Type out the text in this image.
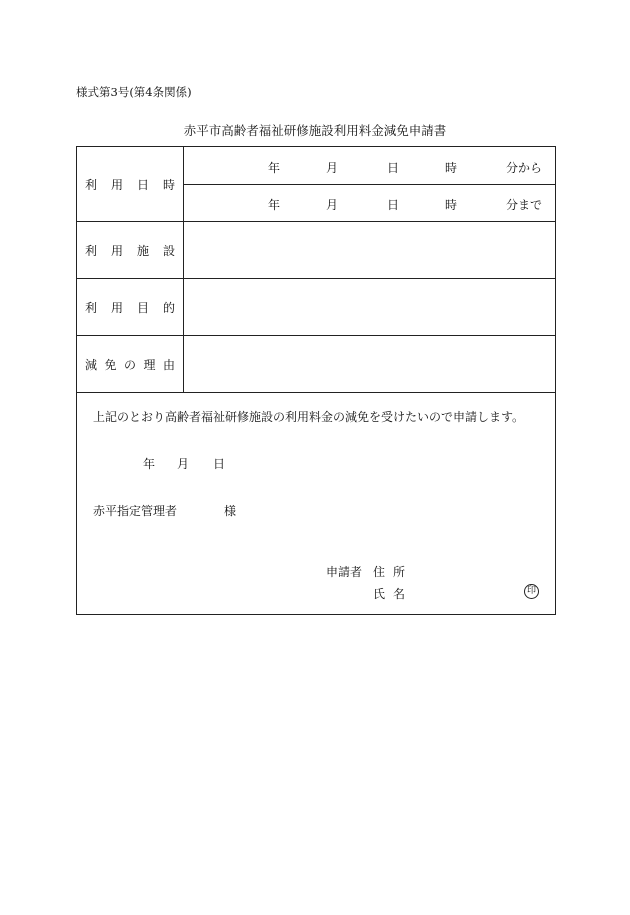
様式第3号(第4条関係)
赤平市高齢者福祉研修施設利用料金減免申請書
利用日時
年	月	日	時	分から
年	月	日	時	分まで
利用施設
利用目的
減免の理由
上記のとおり高齢者福祉研修施設の利用料金の減免を受けたいので申請します。
年 月 日
赤平指定管理者	様
申請者 住所
氏名	印
